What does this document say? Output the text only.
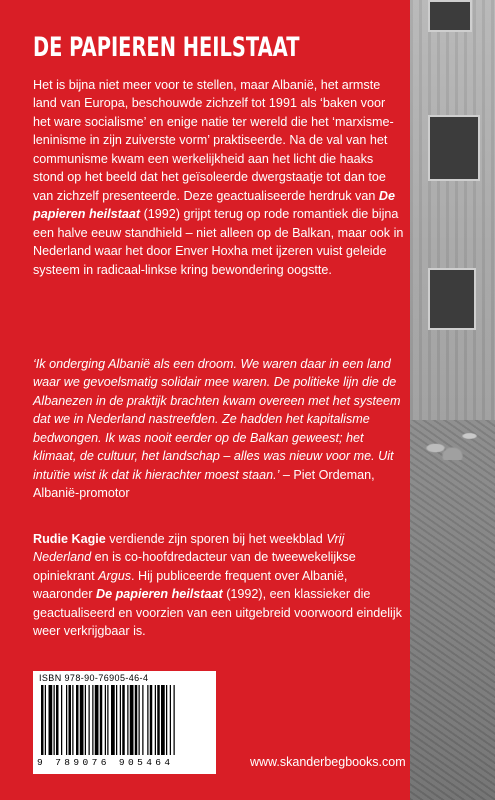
DE PAPIEREN HEILSTAAT
Het is bijna niet meer voor te stellen, maar Albanië, het armste land van Europa, beschouwde zichzelf tot 1991 als ‘baken voor het ware socialisme’ en enige natie ter wereld die het ‘marxisme-leninisme in zijn zuiverste vorm’ praktiseerde. Na de val van het communisme kwam een werkelijkheid aan het licht die haaks stond op het beeld dat het geïsoleerde dwergstaatje tot dan toe van zichzelf presenteerde. Deze geactualiseerde herdruk van De papieren heilstaat (1992) grijpt terug op rode romantiek die bijna een halve eeuw standhield – niet alleen op de Balkan, maar ook in Nederland waar het door Enver Hoxha met ijzeren vuist geleide systeem in radicaal-linkse kring bewondering oogstte.
‘Ik onderging Albanië als een droom. We waren daar in een land waar we gevoelsmatig solidair mee waren. De politieke lijn die de Albanezen in de praktijk brachten kwam overeen met het systeem dat we in Nederland nastreefden. Ze hadden het kapitalisme bedwongen. Ik was nooit eerder op de Balkan geweest; het klimaat, de cultuur, het landschap – alles was nieuw voor me. Uit intuïtie wist ik dat ik hierachter moest staan.’ – Piet Ordeman, Albanië-promotor
Rudie Kagie verdiende zijn sporen bij het weekblad Vrij Nederland en is co-hoofdredacteur van de tweewekelijkse opiniekrant Argus. Hij publiceerde frequent over Albanië, waaronder De papieren heilstaat (1992), een klassieker die geactualiseerd en voorzien van een uitgebreid voorwoord eindelijk weer verkrijgbaar is.
ISBN 978-90-76905-46-4
9 789076 905464	www.skanderbegbooks.com
